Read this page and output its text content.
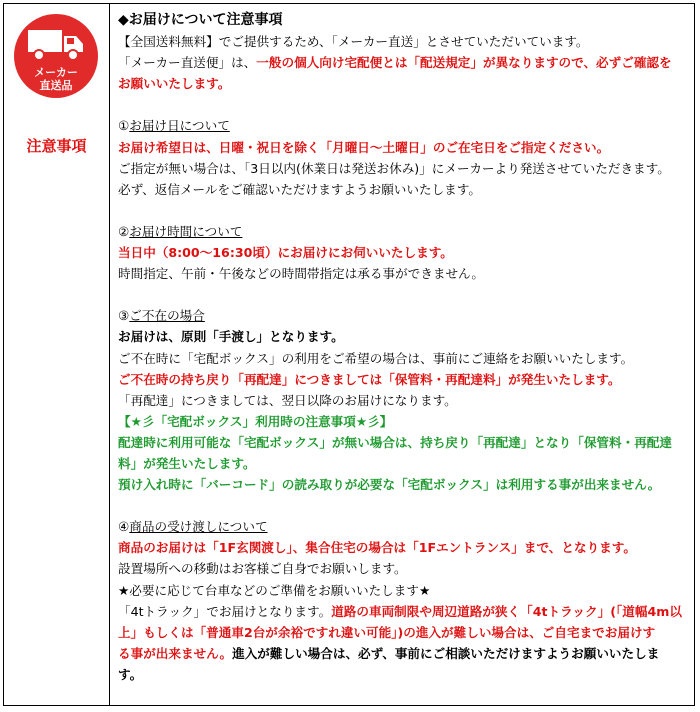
メーカー
直送品
注意事項
◆お届けについて注意事項
【全国送料無料】でご提供するため、「メーカー直送」とさせていただいています。
「メーカー直送便」は、一般の個人向け宅配便とは「配送規定」が異なりますので、必ずご確認を
お願いいたします。
①お届け日について
お届け希望日は、日曜・祝日を除く「月曜日～土曜日」のご在宅日をご指定ください。
ご指定が無い場合は、「3日以内(休業日は発送お休み)」にメーカーより発送させていただきます。
必ず、返信メールをご確認いただけますようお願いいたします。
②お届け時間について
当日中（8:00～16:30頃）にお届けにお伺いいたします。
時間指定、午前・午後などの時間帯指定は承る事ができません。
③ご不在の場合
お届けは、原則「手渡し」となります。
ご不在時に「宅配ボックス」の利用をご希望の場合は、事前にご連絡をお願いいたします。
ご不在時の持ち戻り「再配達」につきましては「保管料・再配達料」が発生いたします。
「再配達」につきましては、翌日以降のお届けになります。
【★彡「宅配ボックス」利用時の注意事項★彡】
配達時に利用可能な「宅配ボックス」が無い場合は、持ち戻り「再配達」となり「保管料・再配達
料」が発生いたします。
預け入れ時に「バーコード」の読み取りが必要な「宅配ボックス」は利用する事が出来ません。
④商品の受け渡しについて
商品のお届けは「1F玄関渡し」、集合住宅の場合は「1Fエントランス」まで、となります。
設置場所への移動はお客様ご自身でお願いします。
★必要に応じて台車などのご準備をお願いいたします★
「4tトラック」でお届けとなります。道路の車両制限や周辺道路が狭く「4tトラック」(「道幅4m以
上」もしくは「普通車2台が余裕ですれ違い可能」)の進入が難しい場合は、ご自宅までお届けす
る事が出来ません。進入が難しい場合は、必ず、事前にご相談いただけますようお願いいたしま
す。
